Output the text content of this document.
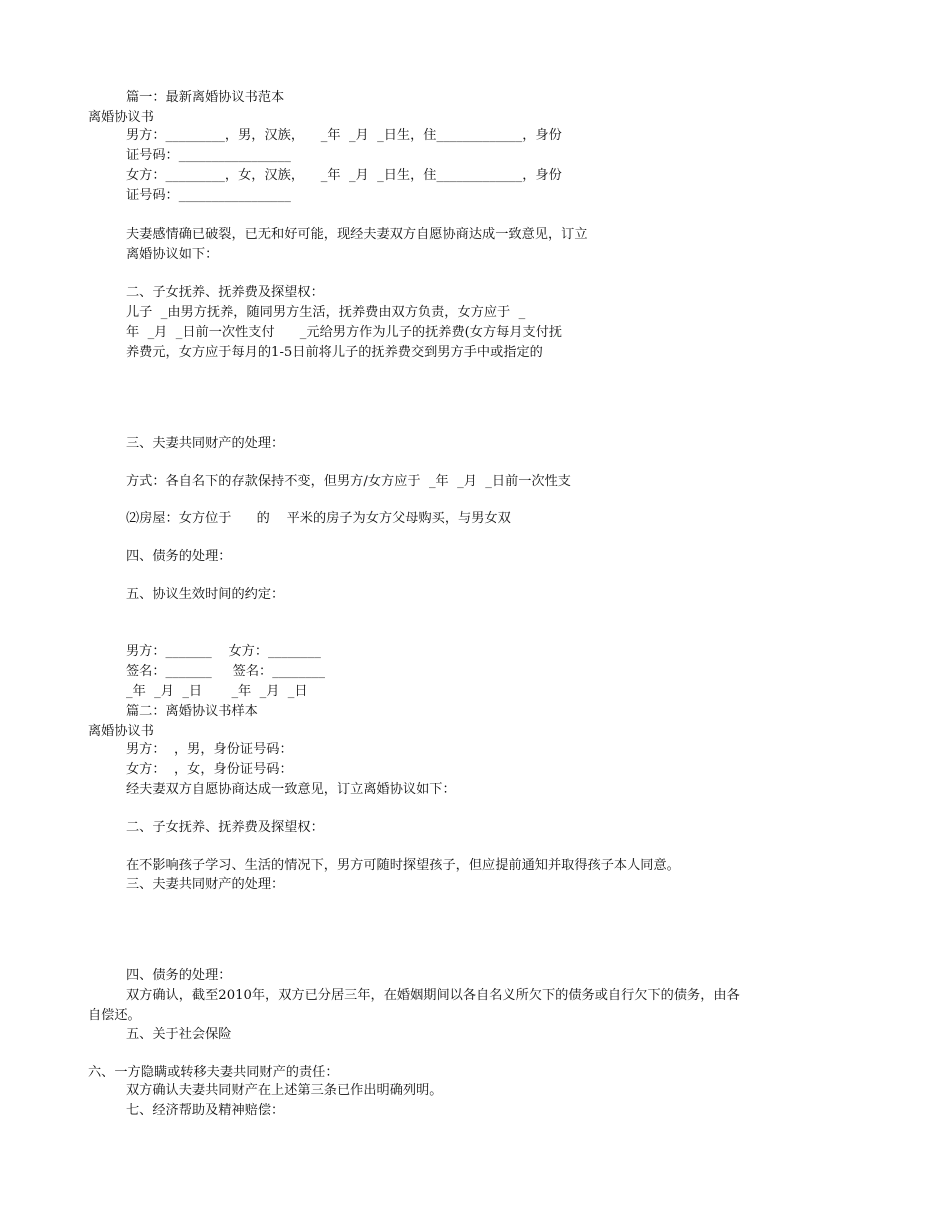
篇一：最新离婚协议书范本
离婚协议书
男方：_________，男，汉族，    _年  _月  _日生，住_____________，身份
证号码：_________________
女方：_________，女，汉族，    _年  _月  _日生，住_____________，身份
证号码：_________________
夫妻感情确已破裂，已无和好可能，现经夫妻双方自愿协商达成一致意见，订立
离婚协议如下：
二、子女抚养、抚养费及探望权：
儿子  _由男方抚养，随同男方生活，抚养费由双方负责，女方应于  _
年  _月  _日前一次性支付      _元给男方作为儿子的抚养费(女方每月支付抚
养费元，女方应于每月的1-5日前将儿子的抚养费交到男方手中或指定的
三、夫妻共同财产的处理：
方式：各自名下的存款保持不变，但男方/女方应于  _年  _月  _日前一次性支
⑵房屋：女方位于      的    平米的房子为女方父母购买，与男女双
四、债务的处理：
五、协议生效时间的约定：
男方：_______    女方：________
签名：_______     签名：________
_年  _月  _日       _年  _月  _日
篇二：离婚协议书样本
离婚协议书
男方：  ，男，身份证号码：
女方：  ，女，身份证号码：
经夫妻双方自愿协商达成一致意见，订立离婚协议如下：
二、子女抚养、抚养费及探望权：
在不影响孩子学习、生活的情况下，男方可随时探望孩子，但应提前通知并取得孩子本人同意。
三、夫妻共同财产的处理：
四、债务的处理：
双方确认，截至2010年，双方已分居三年，在婚姻期间以各自名义所欠下的债务或自行欠下的债务，由各
自偿还。
五、关于社会保险
六、一方隐瞒或转移夫妻共同财产的责任：
双方确认夫妻共同财产在上述第三条已作出明确列明。
七、经济帮助及精神赔偿：
